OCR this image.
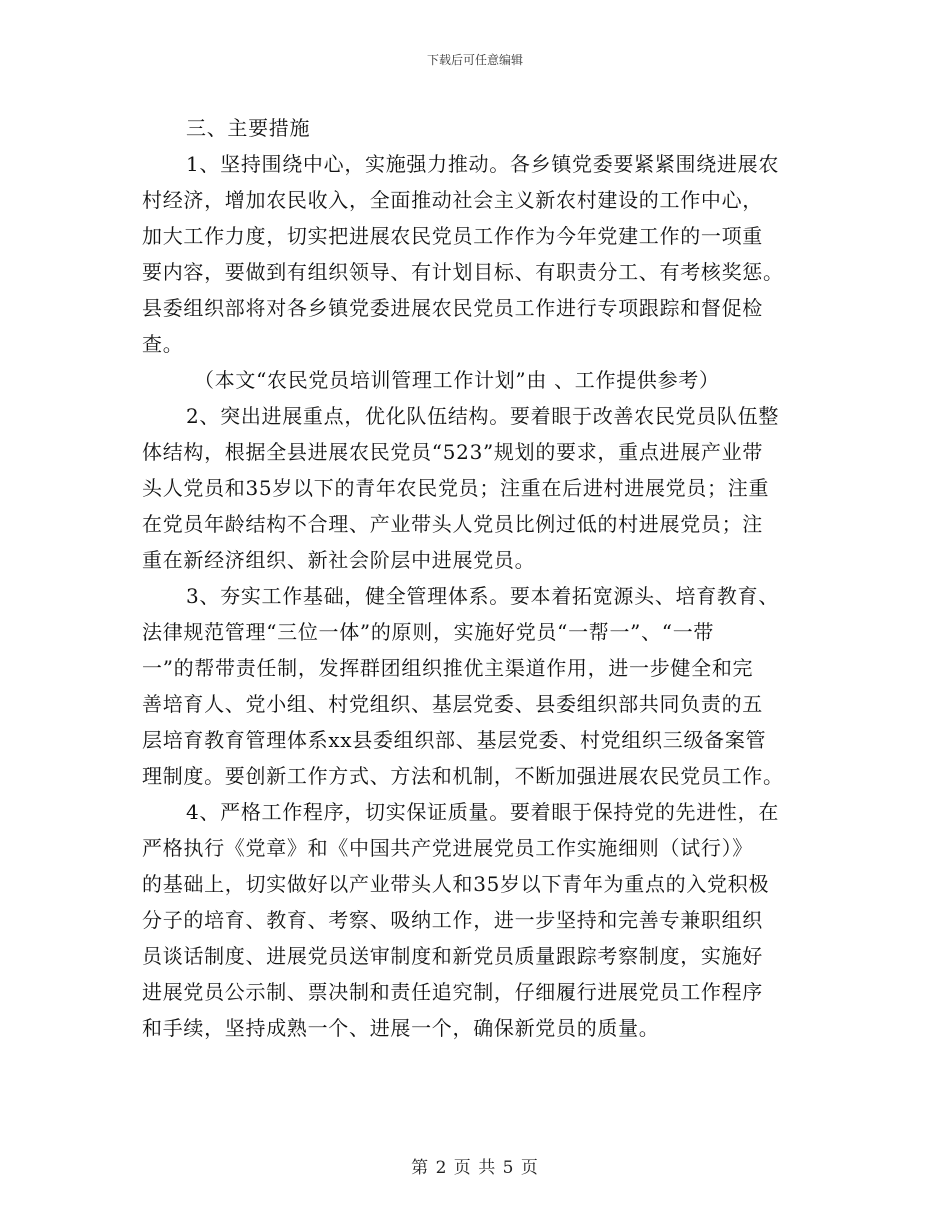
下载后可任意编辑
三、主要措施
1、坚持围绕中心，实施强力推动。各乡镇党委要紧紧围绕进展农
村经济，增加农民收入，全面推动社会主义新农村建设的工作中心，
加大工作力度，切实把进展农民党员工作作为今年党建工作的一项重
要内容，要做到有组织领导、有计划目标、有职责分工、有考核奖惩。
县委组织部将对各乡镇党委进展农民党员工作进行专项跟踪和督促检
查。
（本文“农民党员培训管理工作计划”由 、工作提供参考）
2、突出进展重点，优化队伍结构。要着眼于改善农民党员队伍整
体结构，根据全县进展农民党员“523”规划的要求，重点进展产业带
头人党员和35岁以下的青年农民党员；注重在后进村进展党员；注重
在党员年龄结构不合理、产业带头人党员比例过低的村进展党员；注
重在新经济组织、新社会阶层中进展党员。
3、夯实工作基础，健全管理体系。要本着拓宽源头、培育教育、
法律规范管理“三位一体”的原则，实施好党员“一帮一”、“一带
一”的帮带责任制，发挥群团组织推优主渠道作用，进一步健全和完
善培育人、党小组、村党组织、基层党委、县委组织部共同负责的五
层培育教育管理体系xx县委组织部、基层党委、村党组织三级备案管
理制度。要创新工作方式、方法和机制，不断加强进展农民党员工作。
4、严格工作程序，切实保证质量。要着眼于保持党的先进性，在
严格执行《党章》和《中国共产党进展党员工作实施细则（试行）》
的基础上，切实做好以产业带头人和35岁以下青年为重点的入党积极
分子的培育、教育、考察、吸纳工作，进一步坚持和完善专兼职组织
员谈话制度、进展党员送审制度和新党员质量跟踪考察制度，实施好
进展党员公示制、票决制和责任追究制，仔细履行进展党员工作程序
和手续，坚持成熟一个、进展一个，确保新党员的质量。
第 2 页 共 5 页
